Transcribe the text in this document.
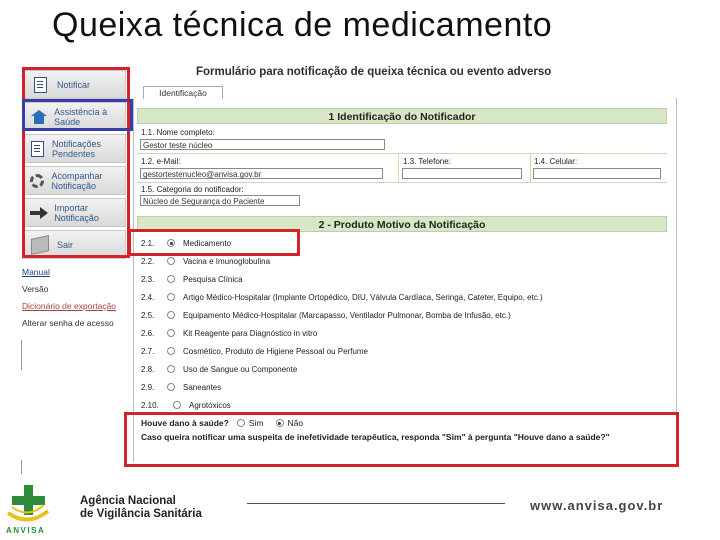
Queixa técnica de medicamento
Notificar
Assistência à Saúde
Notificações Pendentes
Acompanhar Notificação
Importar Notificação
Sair
Manual
Versão
Dicionário de exportação
Alterar senha de acesso
Formulário para notificação de queixa técnica ou evento adverso
Identificação
1 Identificação do Notificador
1.1. Nome completo:
Gestor teste núcleo
1.2. e-Mail:
gestortestenucleo@anvisa.gov.br
1.3. Telefone:	1.4. Celular:
1.5. Categoria do notificador:
Núcleo de Segurança do Paciente
2 - Produto Motivo da Notificação
2.1.	Medicamento
2.2.	Vacina e Imunoglobulina
2.3.	Pesquisa Clínica
2.4.	Artigo Médico-Hospitalar (Implante Ortopédico, DIU, Válvula Cardíaca, Seringa, Cateter, Equipo, etc.)
2.5.	Equipamento Médico-Hospitalar (Marcapasso, Ventilador Pulmonar, Bomba de Infusão, etc.)
2.6.	Kit Reagente para Diagnóstico in vitro
2.7.	Cosmético, Produto de Higiene Pessoal ou Perfume
2.8.	Uso de Sangue ou Componente
2.9.	Saneantes
2.10.	Agrotóxicos
Houve dano à saúde? Sim	Não
Caso queira notificar uma suspeita de inefetividade terapêutica, responda "Sim" à pergunta "Houve dano a saúde?"
ANVISA
Agência Nacional
de Vigilância Sanitária
www.anvisa.gov.br
